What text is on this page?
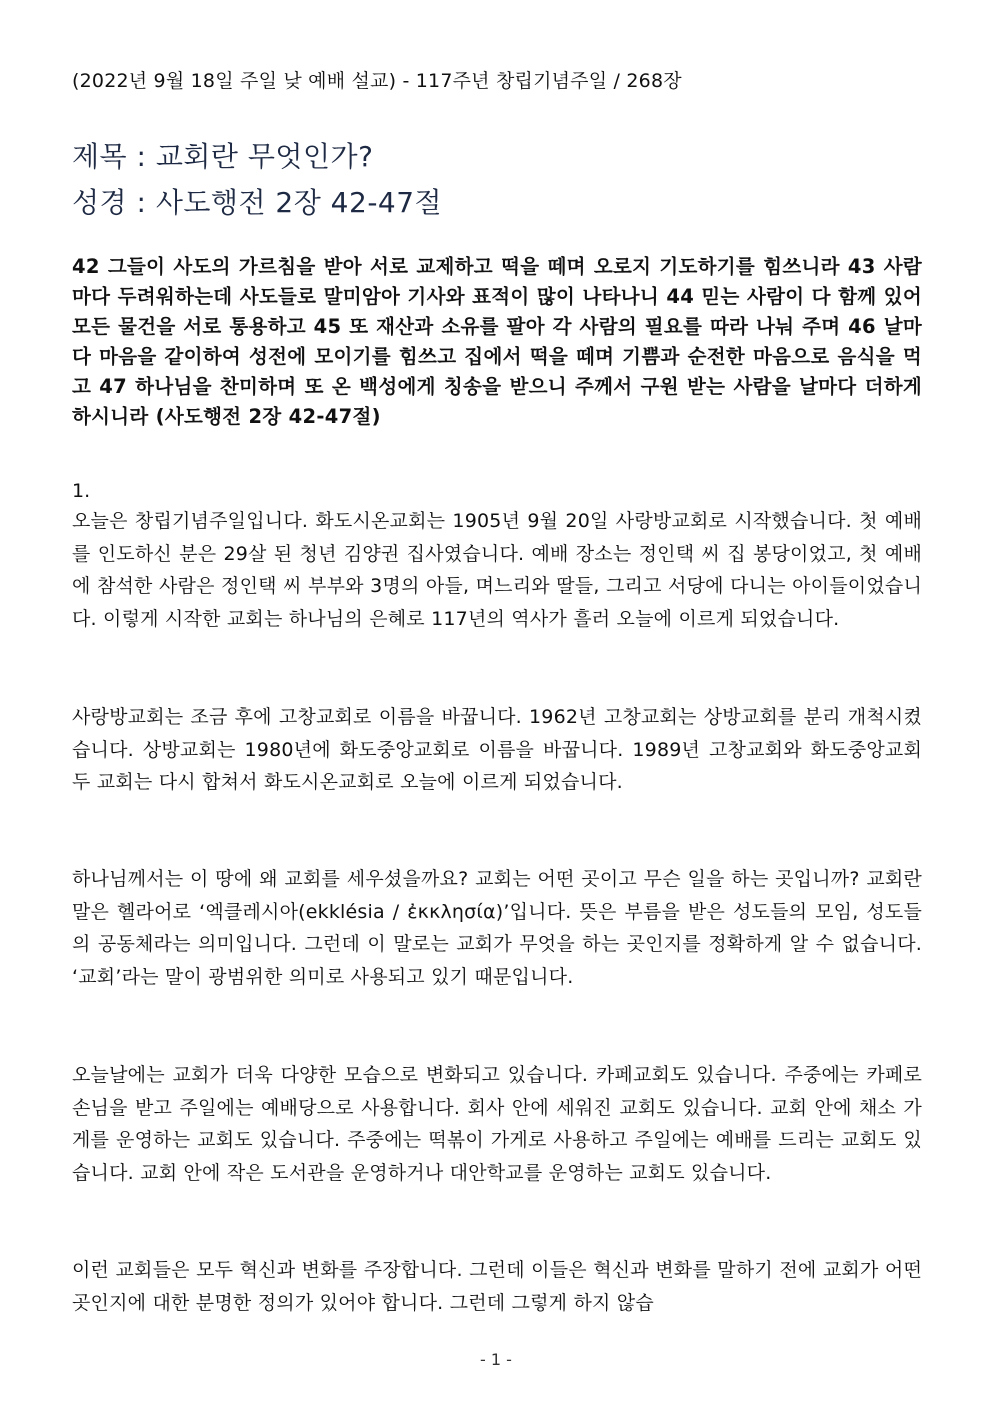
(2022년 9월 18일 주일 낮 예배 설교) - 117주년 창립기념주일 / 268장
제목 : 교회란 무엇인가?
성경 : 사도행전 2장 42-47절
42 그들이 사도의 가르침을 받아 서로 교제하고 떡을 떼며 오로지 기도하기를 힘쓰니라 43 사람마다 두려워하는데 사도들로 말미암아 기사와 표적이 많이 나타나니 44 믿는 사람이 다 함께 있어 모든 물건을 서로 통용하고 45 또 재산과 소유를 팔아 각 사람의 필요를 따라 나눠 주며 46 날마다 마음을 같이하여 성전에 모이기를 힘쓰고 집에서 떡을 떼며 기쁨과 순전한 마음으로 음식을 먹고 47 하나님을 찬미하며 또 온 백성에게 칭송을 받으니 주께서 구원 받는 사람을 날마다 더하게 하시니라 (사도행전 2장 42-47절)
1.
오늘은 창립기념주일입니다. 화도시온교회는 1905년 9월 20일 사랑방교회로 시작했습니다. 첫 예배를 인도하신 분은 29살 된 청년 김양권 집사였습니다. 예배 장소는 정인택 씨 집 봉당이었고, 첫 예배에 참석한 사람은 정인택 씨 부부와 3명의 아들, 며느리와 딸들, 그리고 서당에 다니는 아이들이었습니다. 이렇게 시작한 교회는 하나님의 은혜로 117년의 역사가 흘러 오늘에 이르게 되었습니다.
사랑방교회는 조금 후에 고창교회로 이름을 바꿉니다. 1962년 고창교회는 상방교회를 분리 개척시켰습니다. 상방교회는 1980년에 화도중앙교회로 이름을 바꿉니다. 1989년 고창교회와 화도중앙교회 두 교회는 다시 합쳐서 화도시온교회로 오늘에 이르게 되었습니다.
하나님께서는 이 땅에 왜 교회를 세우셨을까요? 교회는 어떤 곳이고 무슨 일을 하는 곳입니까? 교회란 말은 헬라어로 ‘엑클레시아(ekklésia / ἐκκλησία)’입니다. 뜻은 부름을 받은 성도들의 모임, 성도들의 공동체라는 의미입니다. 그런데 이 말로는 교회가 무엇을 하는 곳인지를 정확하게 알 수 없습니다. ‘교회’라는 말이 광범위한 의미로 사용되고 있기 때문입니다.
오늘날에는 교회가 더욱 다양한 모습으로 변화되고 있습니다. 카페교회도 있습니다. 주중에는 카페로 손님을 받고 주일에는 예배당으로 사용합니다. 회사 안에 세워진 교회도 있습니다. 교회 안에 채소 가게를 운영하는 교회도 있습니다. 주중에는 떡볶이 가게로 사용하고 주일에는 예배를 드리는 교회도 있습니다. 교회 안에 작은 도서관을 운영하거나 대안학교를 운영하는 교회도 있습니다.
이런 교회들은 모두 혁신과 변화를 주장합니다. 그런데 이들은 혁신과 변화를 말하기 전에 교회가 어떤 곳인지에 대한 분명한 정의가 있어야 합니다. 그런데 그렇게 하지 않습
- 1 -
